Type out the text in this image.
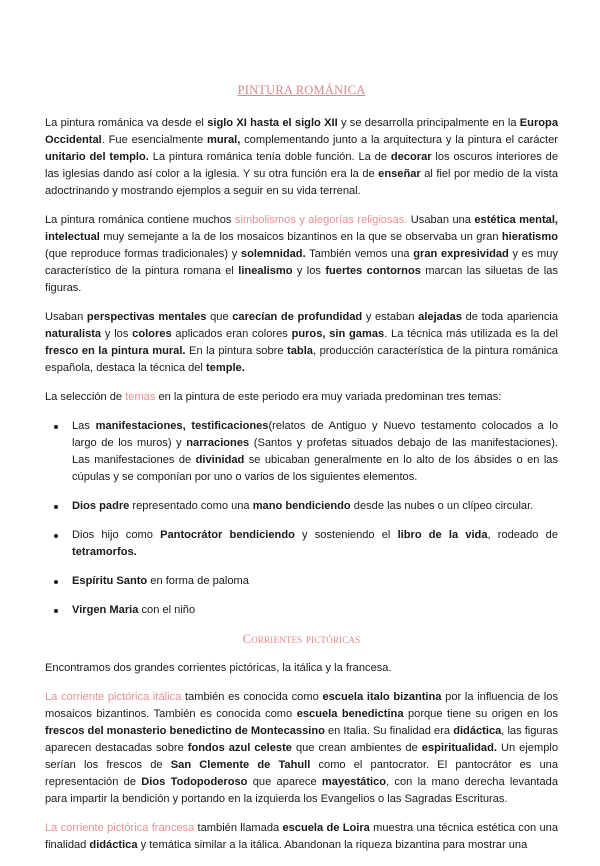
PINTURA ROMÁNICA

La pintura románica va desde el siglo XI hasta el siglo XII y se desarrolla principalmente en la Europa Occidental. Fue esencialmente mural, complementando junto a la arquitectura y la pintura el carácter unitario del templo. La pintura románica tenía doble función. La de decorar los oscuros interiores de las iglesias dando así color a la iglesia. Y su otra función era la de enseñar al fiel por medio de la vista adoctrinando y mostrando ejemplos a seguir en su vida terrenal.

La pintura románica contiene muchos simbolismos y alegorías religiosas. Usaban una estética mental, intelectual muy semejante a la de los mosaicos bizantinos en la que se observaba un gran hieratismo (que reproduce formas tradicionales) y solemnidad. También vemos una gran expresividad y es muy característico de la pintura romana el linealismo y los fuertes contornos marcan las siluetas de las figuras.

Usaban perspectivas mentales que carecían de profundidad y estaban alejadas de toda apariencia naturalista y los colores aplicados eran colores puros, sin gamas. La técnica más utilizada es la del fresco en la pintura mural. En la pintura sobre tabla, producción característica de la pintura románica española, destaca la técnica del temple.

La selección de temas en la pintura de este periodo era muy variada predominan tres temas:

Las manifestaciones, testificaciones(relatos de Antiguo y Nuevo testamento colocados a lo largo de los muros) y narraciones (Santos y profetas situados debajo de las manifestaciones). Las manifestaciones de divinidad se ubicaban generalmente en lo alto de los ábsides o en las cúpulas y se componían por uno o varios de los siguientes elementos.
Dios padre representado como una mano bendiciendo desde las nubes o un clípeo circular.
Dios hijo como Pantocrátor bendiciendo y sosteniendo el libro de la vida, rodeado de tetramorfos.
Espíritu Santo en forma de paloma
Virgen Maria con el niño
Corrientes pictóricas

Encontramos dos grandes corrientes pictóricas, la itálica y la francesa.

La corriente pictórica itálica también es conocida como escuela italo bizantina por la influencia de los mosaicos bizantinos. También es conocida como escuela benedictina porque tiene su origen en los frescos del monasterio benedictino de Montecassino en Italia. Su finalidad era didáctica, las figuras aparecen destacadas sobre fondos azul celeste que crean ambientes de espiritualidad. Un ejemplo serían los frescos de San Clemente de Tahull como el pantocrator. El pantocrátor es una representación de Dios Todopoderoso que aparece mayestático, con la mano derecha levantada para impartir la bendición y portando en la izquierda los Evangelios o las Sagradas Escrituras.

La corriente pictórica francesa también llamada escuela de Loira muestra una técnica estética con una finalidad didáctica y temática similar a la itálica. Abandonan la riqueza bizantina para mostrar una
